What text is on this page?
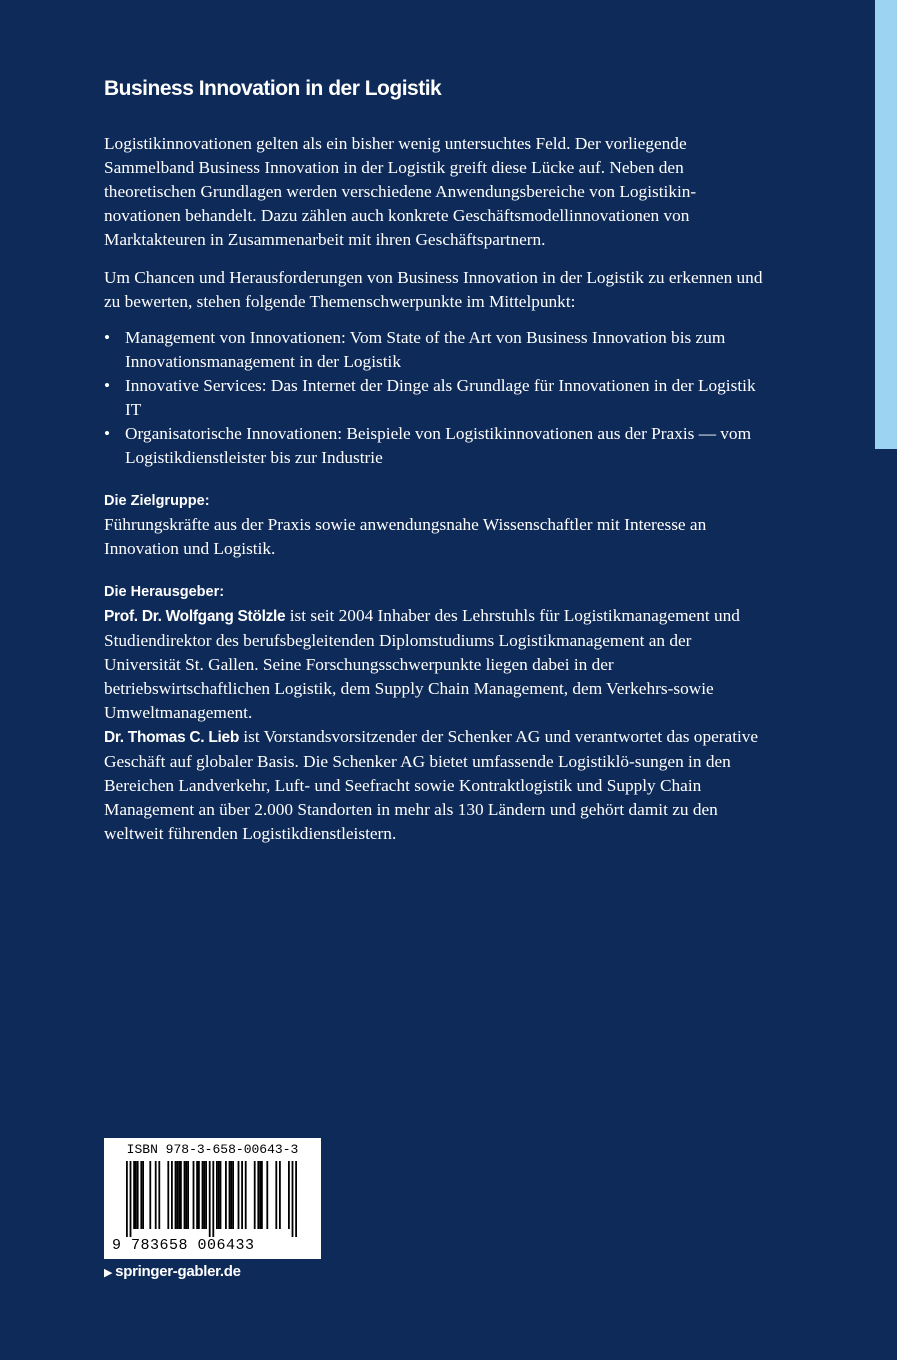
Business Innovation in der Logistik

Logistikinnovationen gelten als ein bisher wenig untersuchtes Feld. Der vorliegende Sammelband Business Innovation in der Logistik greift diese Lücke auf. Neben den theoretischen Grundlagen werden verschiedene Anwendungsbereiche von Logistikin-novationen behandelt. Dazu zählen auch konkrete Geschäftsmodellinnovationen von Marktakteuren in Zusammenarbeit mit ihren Geschäftspartnern.

Um Chancen und Herausforderungen von Business Innovation in der Logistik zu erkennen und zu bewerten, stehen folgende Themenschwerpunkte im Mittelpunkt:

• Management von Innovationen: Vom State of the Art von Business Innovation bis zum Innovationsmanagement in der Logistik
• Innovative Services: Das Internet der Dinge als Grundlage für Innovationen in der Logistik IT
• Organisatorische Innovationen: Beispiele von Logistikinnovationen aus der Praxis — vom Logistikdienstleister bis zur Industrie
Die Zielgruppe:

Führungskräfte aus der Praxis sowie anwendungsnahe Wissenschaftler mit Interesse an Innovation und Logistik.

Die Herausgeber:

Prof. Dr. Wolfgang Stölzle ist seit 2004 Inhaber des Lehrstuhls für Logistikmanagement und Studiendirektor des berufsbegleitenden Diplomstudiums Logistikmanagement an der Universität St. Gallen. Seine Forschungsschwerpunkte liegen dabei in der betriebswirtschaftlichen Logistik, dem Supply Chain Management, dem Verkehrs-sowie Umweltmanagement.

Dr. Thomas C. Lieb ist Vorstandsvorsitzender der Schenker AG und verantwortet das operative Geschäft auf globaler Basis. Die Schenker AG bietet umfassende Logistiklö-sungen in den Bereichen Landverkehr, Luft- und Seefracht sowie Kontraktlogistik und Supply Chain Management an über 2.000 Standorten in mehr als 130 Ländern und gehört damit zu den weltweit führenden Logistikdienstleistern.

ISBN 978-3-658-00643-3
9 783658 006433
▶ springer-gabler.de
